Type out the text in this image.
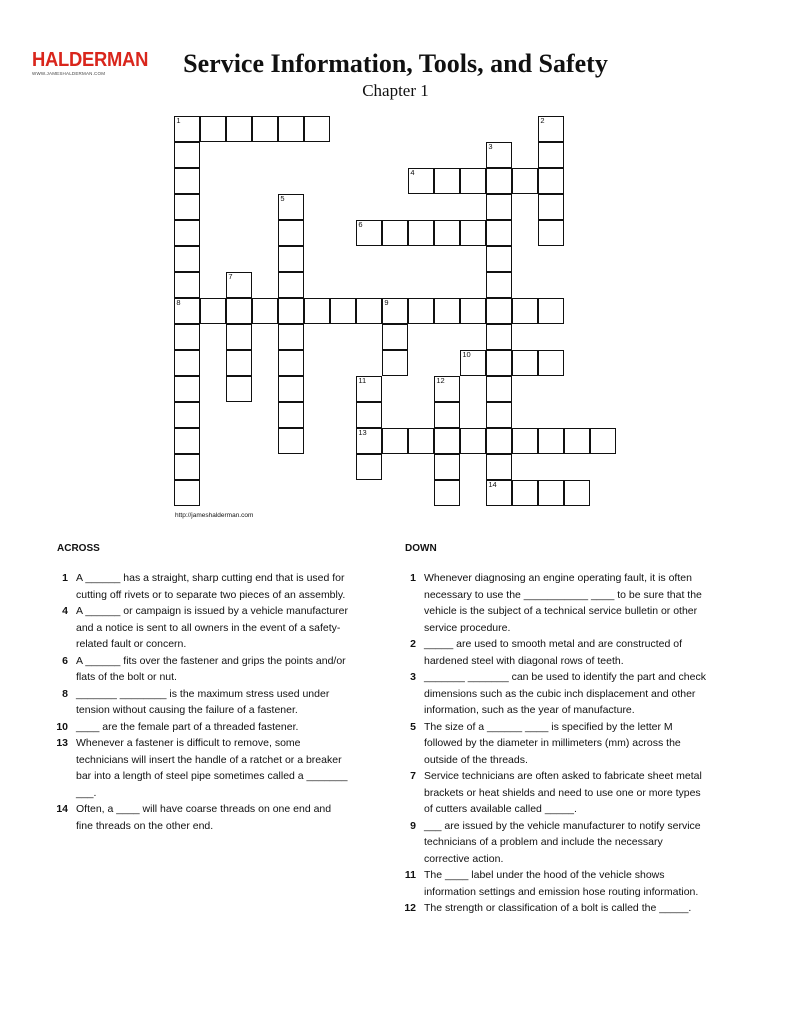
HALDERMAN
WWW.JAMESHALDERMAN.COM	Service Information, Tools, and Safety
Chapter 1
1
4
6
8	9
10
13
14
2
3
5
7
11	12
http://jameshalderman.com
ACROSS	DOWN
1 A ______ has a straight, sharp cutting end that is used for cutting off rivets or to separate two pieces of an assembly.
4 A ______ or campaign is issued by a vehicle manufacturer and a notice is sent to all owners in the event of a safety-related fault or concern.
6 A ______ fits over the fastener and grips the points and/or flats of the bolt or nut.
8 _______ ________ is the maximum stress used under tension without causing the failure of a fastener.
10 ____ are the female part of a threaded fastener.
13 Whenever a fastener is difficult to remove, some technicians will insert the handle of a ratchet or a breaker bar into a length of steel pipe sometimes called a _______ ___.
14 Often, a ____ will have coarse threads on one end and fine threads on the other end.
1 Whenever diagnosing an engine operating fault, it is often necessary to use the ___________ ____ to be sure that the vehicle is the subject of a technical service bulletin or other service procedure.
2 _____ are used to smooth metal and are constructed of hardened steel with diagonal rows of teeth.
3 _______ _______ can be used to identify the part and check dimensions such as the cubic inch displacement and other information, such as the year of manufacture.
5 The size of a ______ ____ is specified by the letter M followed by the diameter in millimeters (mm) across the outside of the threads.
7 Service technicians are often asked to fabricate sheet metal brackets or heat shields and need to use one or more types of cutters available called _____.
9 ___ are issued by the vehicle manufacturer to notify service technicians of a problem and include the necessary corrective action.
11 The ____ label under the hood of the vehicle shows information settings and emission hose routing information.
12 The strength or classification of a bolt is called the _____.
